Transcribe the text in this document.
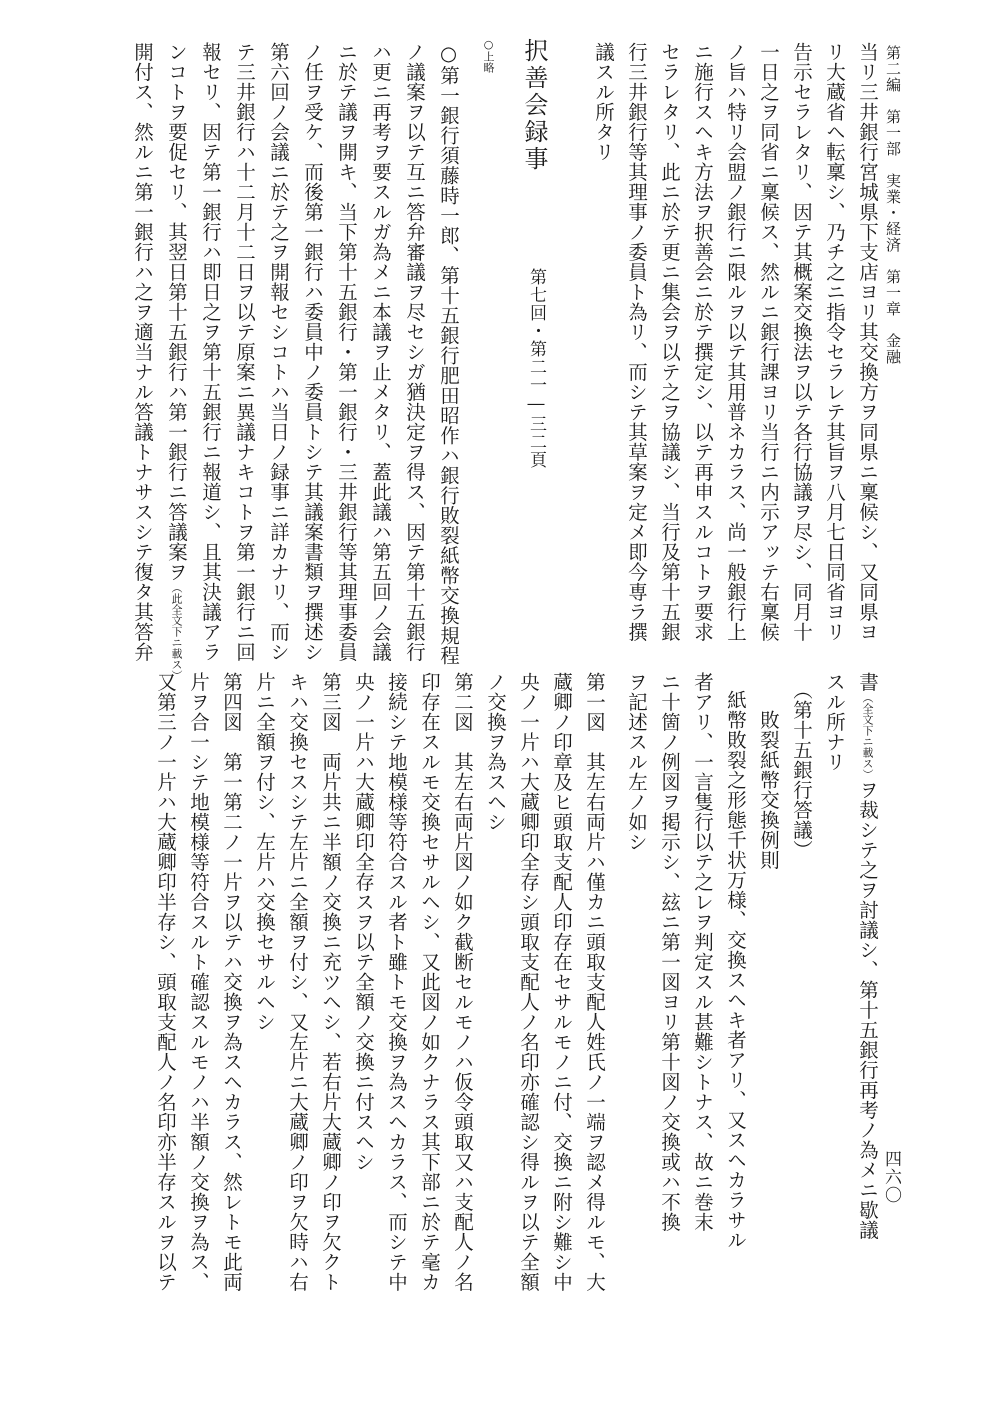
第二編　第一部　実業・経済　第一章　金融
四六〇
当リ三井銀行宮城県下支店ヨリ其交換方ヲ同県ニ稟候シ、又同県ヨ
リ大蔵省ヘ転稟シ、乃チ之ニ指令セラレテ其旨ヲ八月七日同省ヨリ
告示セラレタリ、因テ其概案交換法ヲ以テ各行協議ヲ尽シ、同月十
一日之ヲ同省ニ稟候ス、然ルニ銀行課ヨリ当行ニ内示アッテ右稟候
ノ旨ハ特リ会盟ノ銀行ニ限ルヲ以テ其用普ネカラス、尚一般銀行上
ニ施行スヘキ方法ヲ択善会ニ於テ撰定シ、以テ再申スルコトヲ要求
セラレタリ、此ニ於テ更ニ集会ヲ以テ之ヲ協議シ、当行及第十五銀
行三井銀行等其理事ノ委員ト為リ、而シテ其草案ヲ定メ即今専ラ撰
議スル所タリ
択善会録事
第七回・第二一―三二頁
○上略
○第一銀行須藤時一郎、第十五銀行肥田昭作ハ銀行敗裂紙幣交換規程
ノ議案ヲ以テ互ニ答弁審議ヲ尽セシガ猶決定ヲ得ス、因テ第十五銀行
ハ更ニ再考ヲ要スルガ為メニ本議ヲ止メタリ、蓋此議ハ第五回ノ会議
ニ於テ議ヲ開キ、当下第十五銀行・第一銀行・三井銀行等其理事委員
ノ任ヲ受ケ、而後第一銀行ハ委員中ノ委員トシテ其議案書類ヲ撰述シ
第六回ノ会議ニ於テ之ヲ開報セシコトハ当日ノ録事ニ詳カナリ、而シ
テ三井銀行ハ十二月十二日ヲ以テ原案ニ異議ナキコトヲ第一銀行ニ回
報セリ、因テ第一銀行ハ即日之ヲ第十五銀行ニ報道シ、且其決議アラ
ンコトヲ要促セリ、其翌日第十五銀行ハ第一銀行ニ答議案ヲ（此全文下ニ載ス）
開付ス、然ルニ第一銀行ハ之ヲ適当ナル答議トナサスシテ復タ其答弁
書（全文下ニ載ス）ヲ裁シテ之ヲ討議シ、第十五銀行再考ノ為メニ歇議
スル所ナリ
（第十五銀行答議）
敗裂紙幣交換例則
紙幣敗裂之形態千状万様、交換スヘキ者アリ、又スヘカラサル
者アリ、一言隻行以テ之レヲ判定スル甚難シトナス、故ニ巻末
ニ十箇ノ例図ヲ掲示シ、玆ニ第一図ヨリ第十図ノ交換或ハ不換
ヲ記述スル左ノ如シ
第一図　其左右両片ハ僅カニ頭取支配人姓氏ノ一端ヲ認メ得ルモ、大
蔵卿ノ印章及ヒ頭取支配人印存在セサルモノニ付、交換ニ附シ難シ中
央ノ一片ハ大蔵卿印全存シ頭取支配人ノ名印亦確認シ得ルヲ以テ全額
ノ交換ヲ為スヘシ
第二図　其左右両片図ノ如ク截断セルモノハ仮令頭取又ハ支配人ノ名
印存在スルモ交換セサルヘシ、又此図ノ如クナラス其下部ニ於テ毫カ
接続シテ地模様等符合スル者ト雖トモ交換ヲ為スヘカラス、而シテ中
央ノ一片ハ大蔵卿印全存スヲ以テ全額ノ交換ニ付スヘシ
第三図　両片共ニ半額ノ交換ニ充ツヘシ、若右片大蔵卿ノ印ヲ欠クト
キハ交換セスシテ左片ニ全額ヲ付シ、又左片ニ大蔵卿ノ印ヲ欠時ハ右
片ニ全額ヲ付シ、左片ハ交換セサルヘシ
第四図　第一第二ノ一片ヲ以テハ交換ヲ為スヘカラス、然レトモ此両
片ヲ合一シテ地模様等符合スルト確認スルモノハ半額ノ交換ヲ為ス、
又第三ノ一片ハ大蔵卿印半存シ、頭取支配人ノ名印亦半存スルヲ以テ
